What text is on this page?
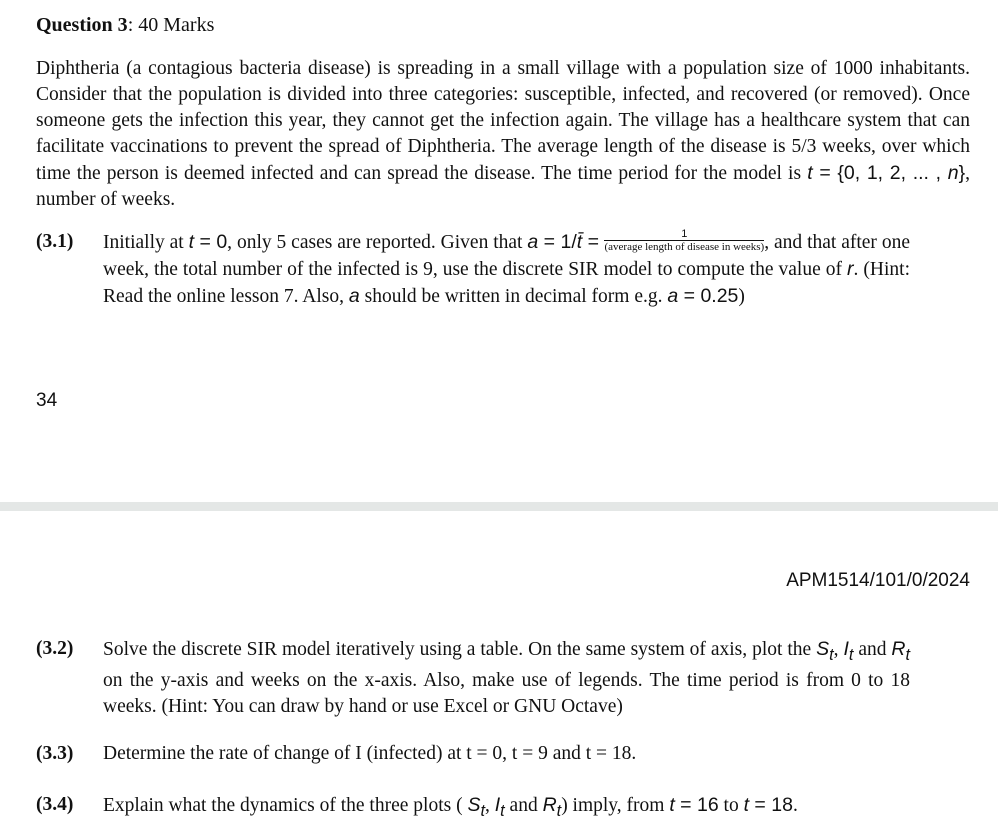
Question 3: 40 Marks
Diphtheria (a contagious bacteria disease) is spreading in a small village with a population size of 1000 inhabitants. Consider that the population is divided into three categories: susceptible, infected, and recovered (or removed). Once someone gets the infection this year, they cannot get the infection again. The village has a healthcare system that can facilitate vaccinations to prevent the spread of Diphtheria. The average length of the disease is 5/3 weeks, over which time the person is deemed infected and can spread the disease. The time period for the model is t = {0, 1, 2, ... , n}, number of weeks.
(3.1) Initially at t = 0, only 5 cases are reported. Given that a = 1/t̄ = $\frac{1}{\text{(average length of disease in weeks)}}$ , and that after one week, the total number of the infected is 9, use the discrete SIR model to compute the value of r. (Hint: Read the online lesson 7. Also, a should be written in decimal form e.g. a = 0.25)
34
APM1514/101/0/2024
(3.2) Solve the discrete SIR model iteratively using a table. On the same system of axis, plot the $S_t$, $I_t$ and $R_t$ on the y-axis and weeks on the x-axis. Also, make use of legends. The time period is from 0 to 18 weeks. (Hint: You can draw by hand or use Excel or GNU Octave)
(3.3) Determine the rate of change of I (infected) at t = 0, t = 9 and t = 18.
(3.4) Explain what the dynamics of the three plots ( $S_t$, $I_t$ and $R_t$) imply, from t = 16 to t = 18.
